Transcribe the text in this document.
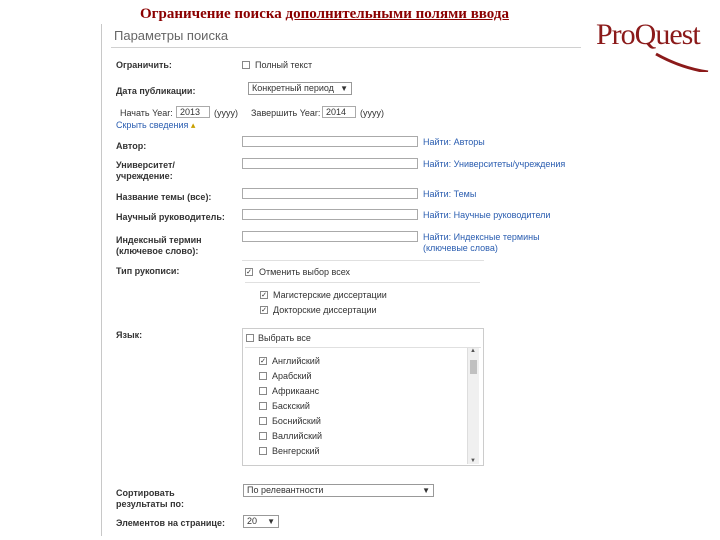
Ограничение поиска дополнительными полями ввода
ProQuest
Параметры поиска
Ограничить:	Полный текст
Дата публикации:	Конкретный период ▼
Начать Year: 2013	(yyyy) Завершить Year: 2014	(yyyy)
Скрыть сведения ▴
Автор:	Найти: Авторы
Университет/ учреждение:
Найти: Университеты/учреждения
Название темы (все):	Найти: Темы
Научный руководитель:	Найти: Научные руководители
Индексный термин (ключевое слово):
Найти: Индексные термины (ключевые слова)
Тип рукописи:	✓ Отменить выбор всех
✓ Магистерские диссертации
✓ Докторские диссертации
Язык:	Выбрать все
✓ Английский
Арабский
Африкаанс
Баскский
Боснийский
Валлийский
Венгерский
▲
▼
Сортировать результаты по:
По релевантности	▼
Элементов на странице:	20 ▼
